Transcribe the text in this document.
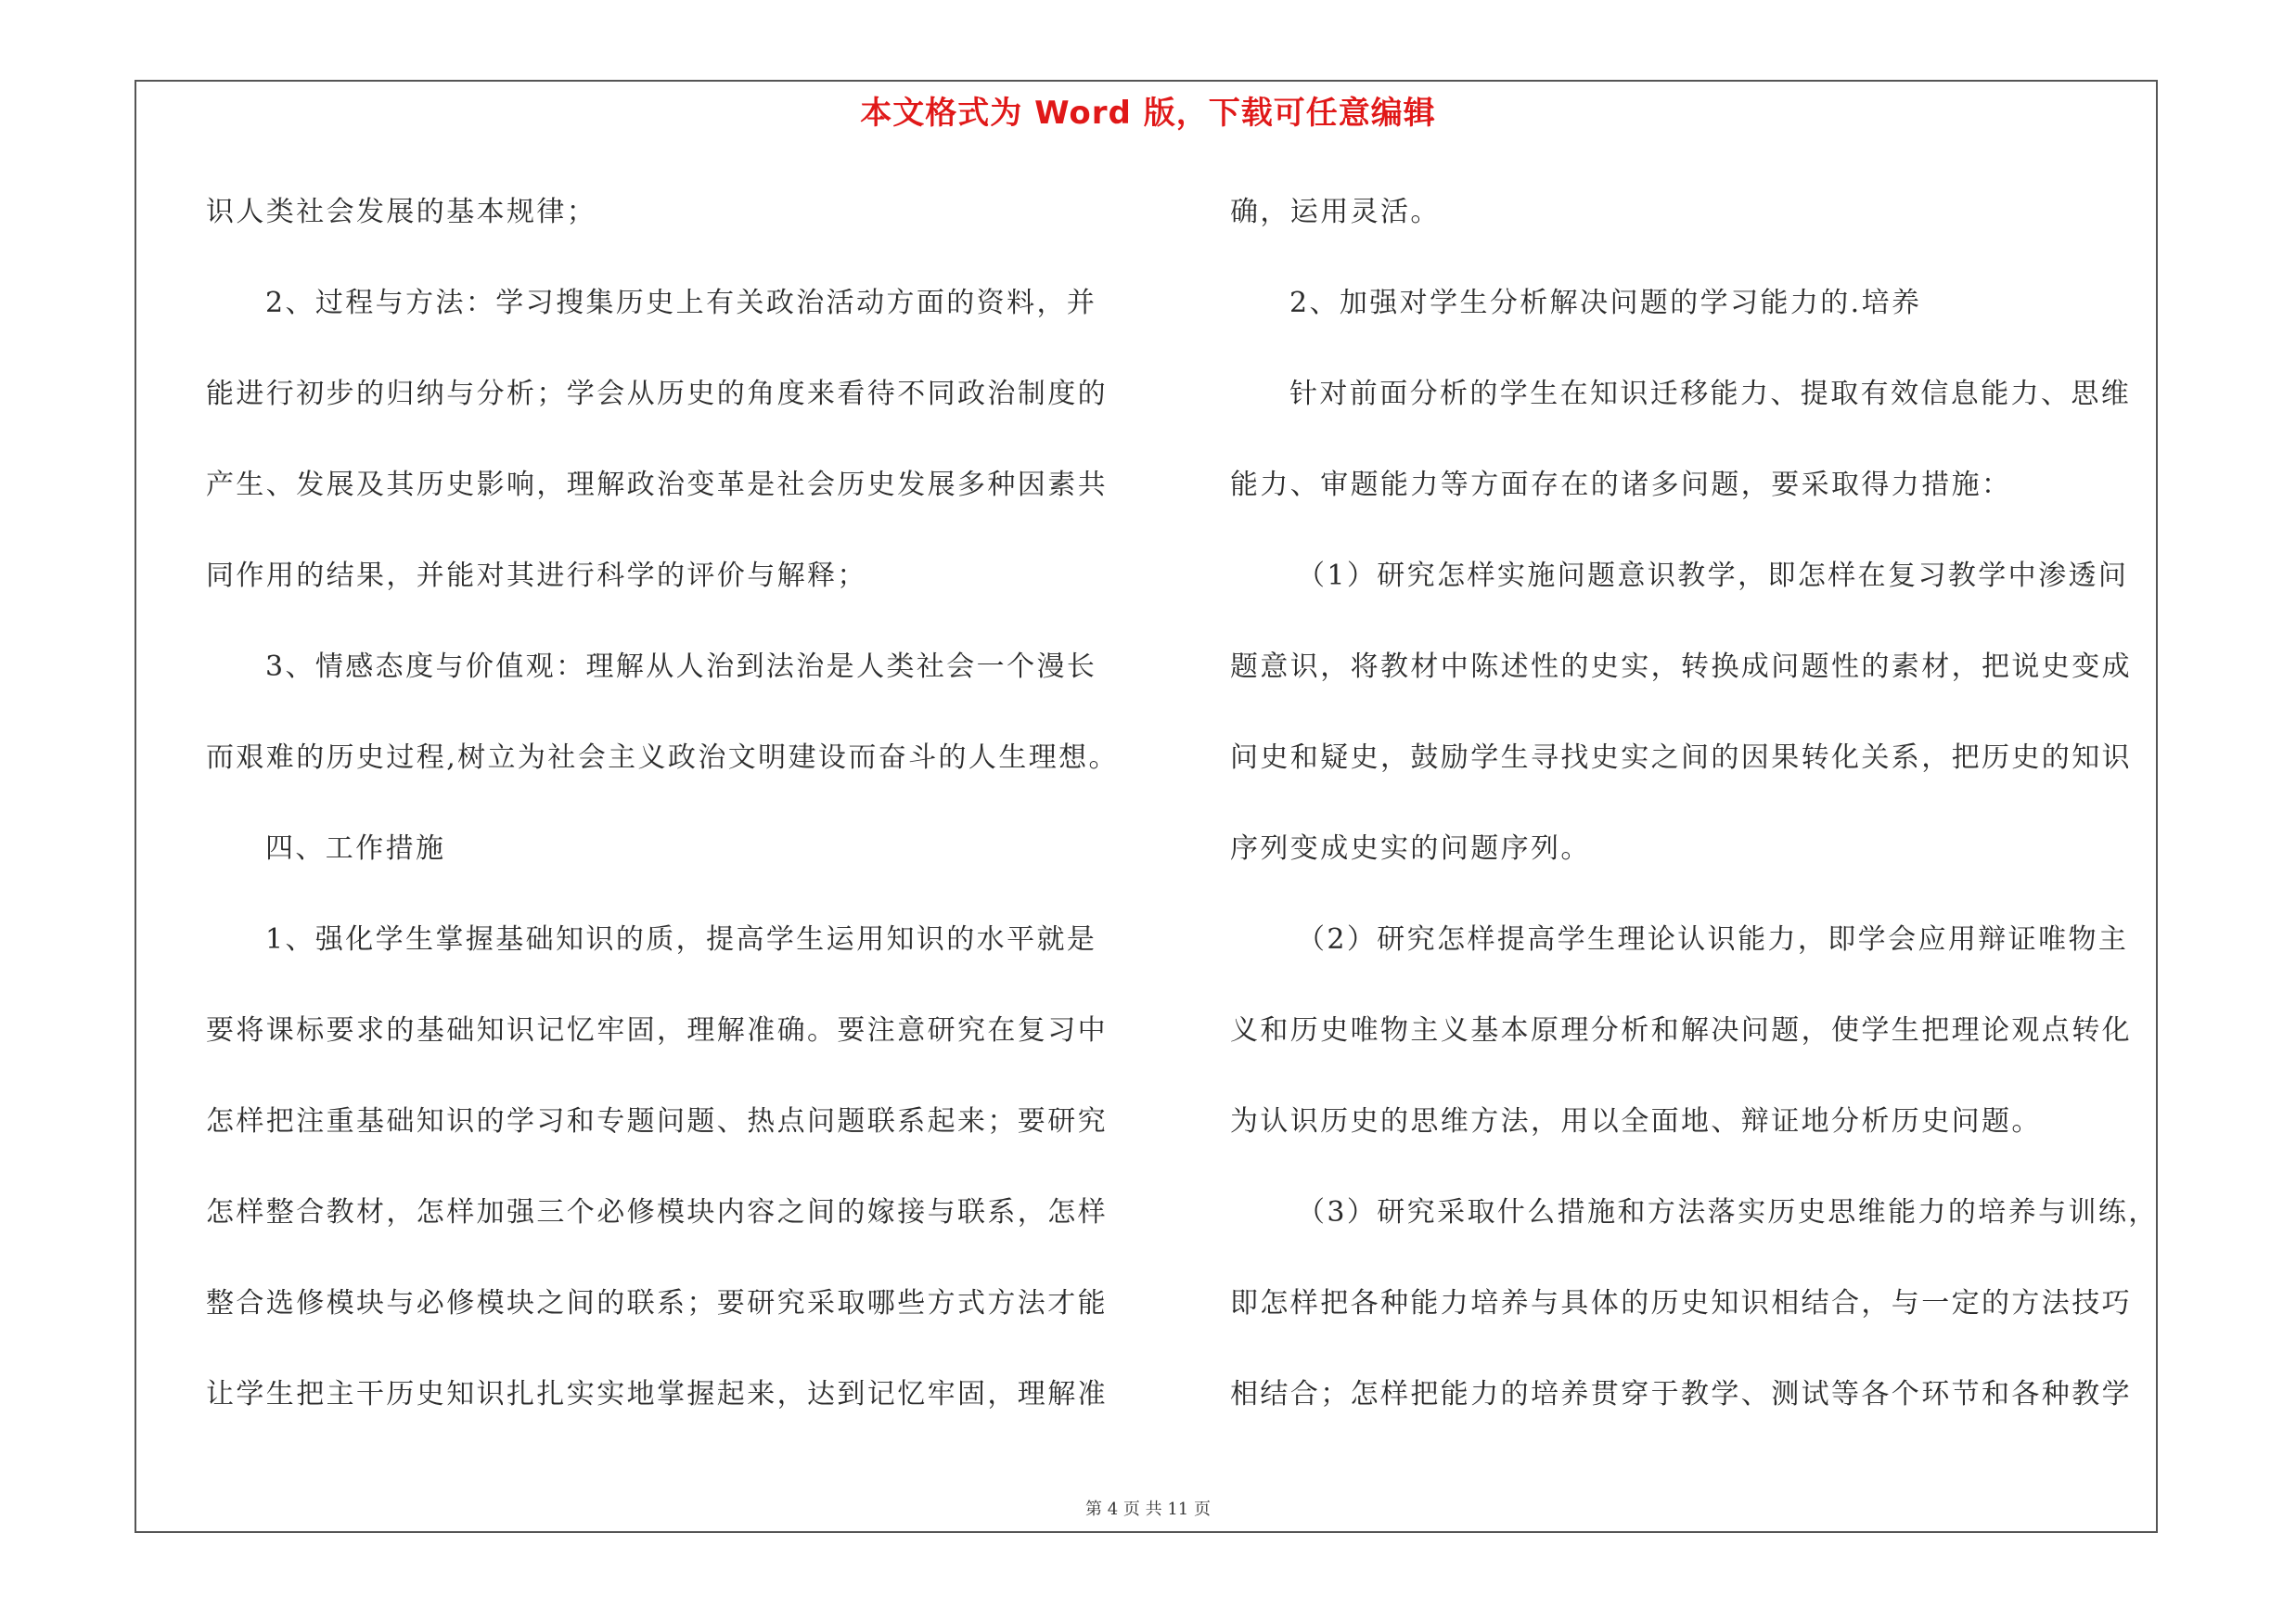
本文格式为 Word 版，下载可任意编辑
识人类社会发展的基本规律；
2、过程与方法：学习搜集历史上有关政治活动方面的资料，并
能进行初步的归纳与分析；学会从历史的角度来看待不同政治制度的
产生、发展及其历史影响，理解政治变革是社会历史发展多种因素共
同作用的结果，并能对其进行科学的评价与解释；
3、情感态度与价值观：理解从人治到法治是人类社会一个漫长
而艰难的历史过程,树立为社会主义政治文明建设而奋斗的人生理想。
四、工作措施
1、强化学生掌握基础知识的质，提高学生运用知识的水平就是
要将课标要求的基础知识记忆牢固，理解准确。要注意研究在复习中
怎样把注重基础知识的学习和专题问题、热点问题联系起来；要研究
怎样整合教材，怎样加强三个必修模块内容之间的嫁接与联系，怎样
整合选修模块与必修模块之间的联系；要研究采取哪些方式方法才能
让学生把主干历史知识扎扎实实地掌握起来，达到记忆牢固，理解准
确，运用灵活。
2、加强对学生分析解决问题的学习能力的.培养
针对前面分析的学生在知识迁移能力、提取有效信息能力、思维
能力、审题能力等方面存在的诸多问题，要采取得力措施：
（1）研究怎样实施问题意识教学，即怎样在复习教学中渗透问
题意识，将教材中陈述性的史实，转换成问题性的素材，把说史变成
问史和疑史，鼓励学生寻找史实之间的因果转化关系，把历史的知识
序列变成史实的问题序列。
（2）研究怎样提高学生理论认识能力，即学会应用辩证唯物主
义和历史唯物主义基本原理分析和解决问题，使学生把理论观点转化
为认识历史的思维方法，用以全面地、辩证地分析历史问题。
（3）研究采取什么措施和方法落实历史思维能力的培养与训练，
即怎样把各种能力培养与具体的历史知识相结合，与一定的方法技巧
相结合；怎样把能力的培养贯穿于教学、测试等各个环节和各种教学
第 4 页 共 11 页
